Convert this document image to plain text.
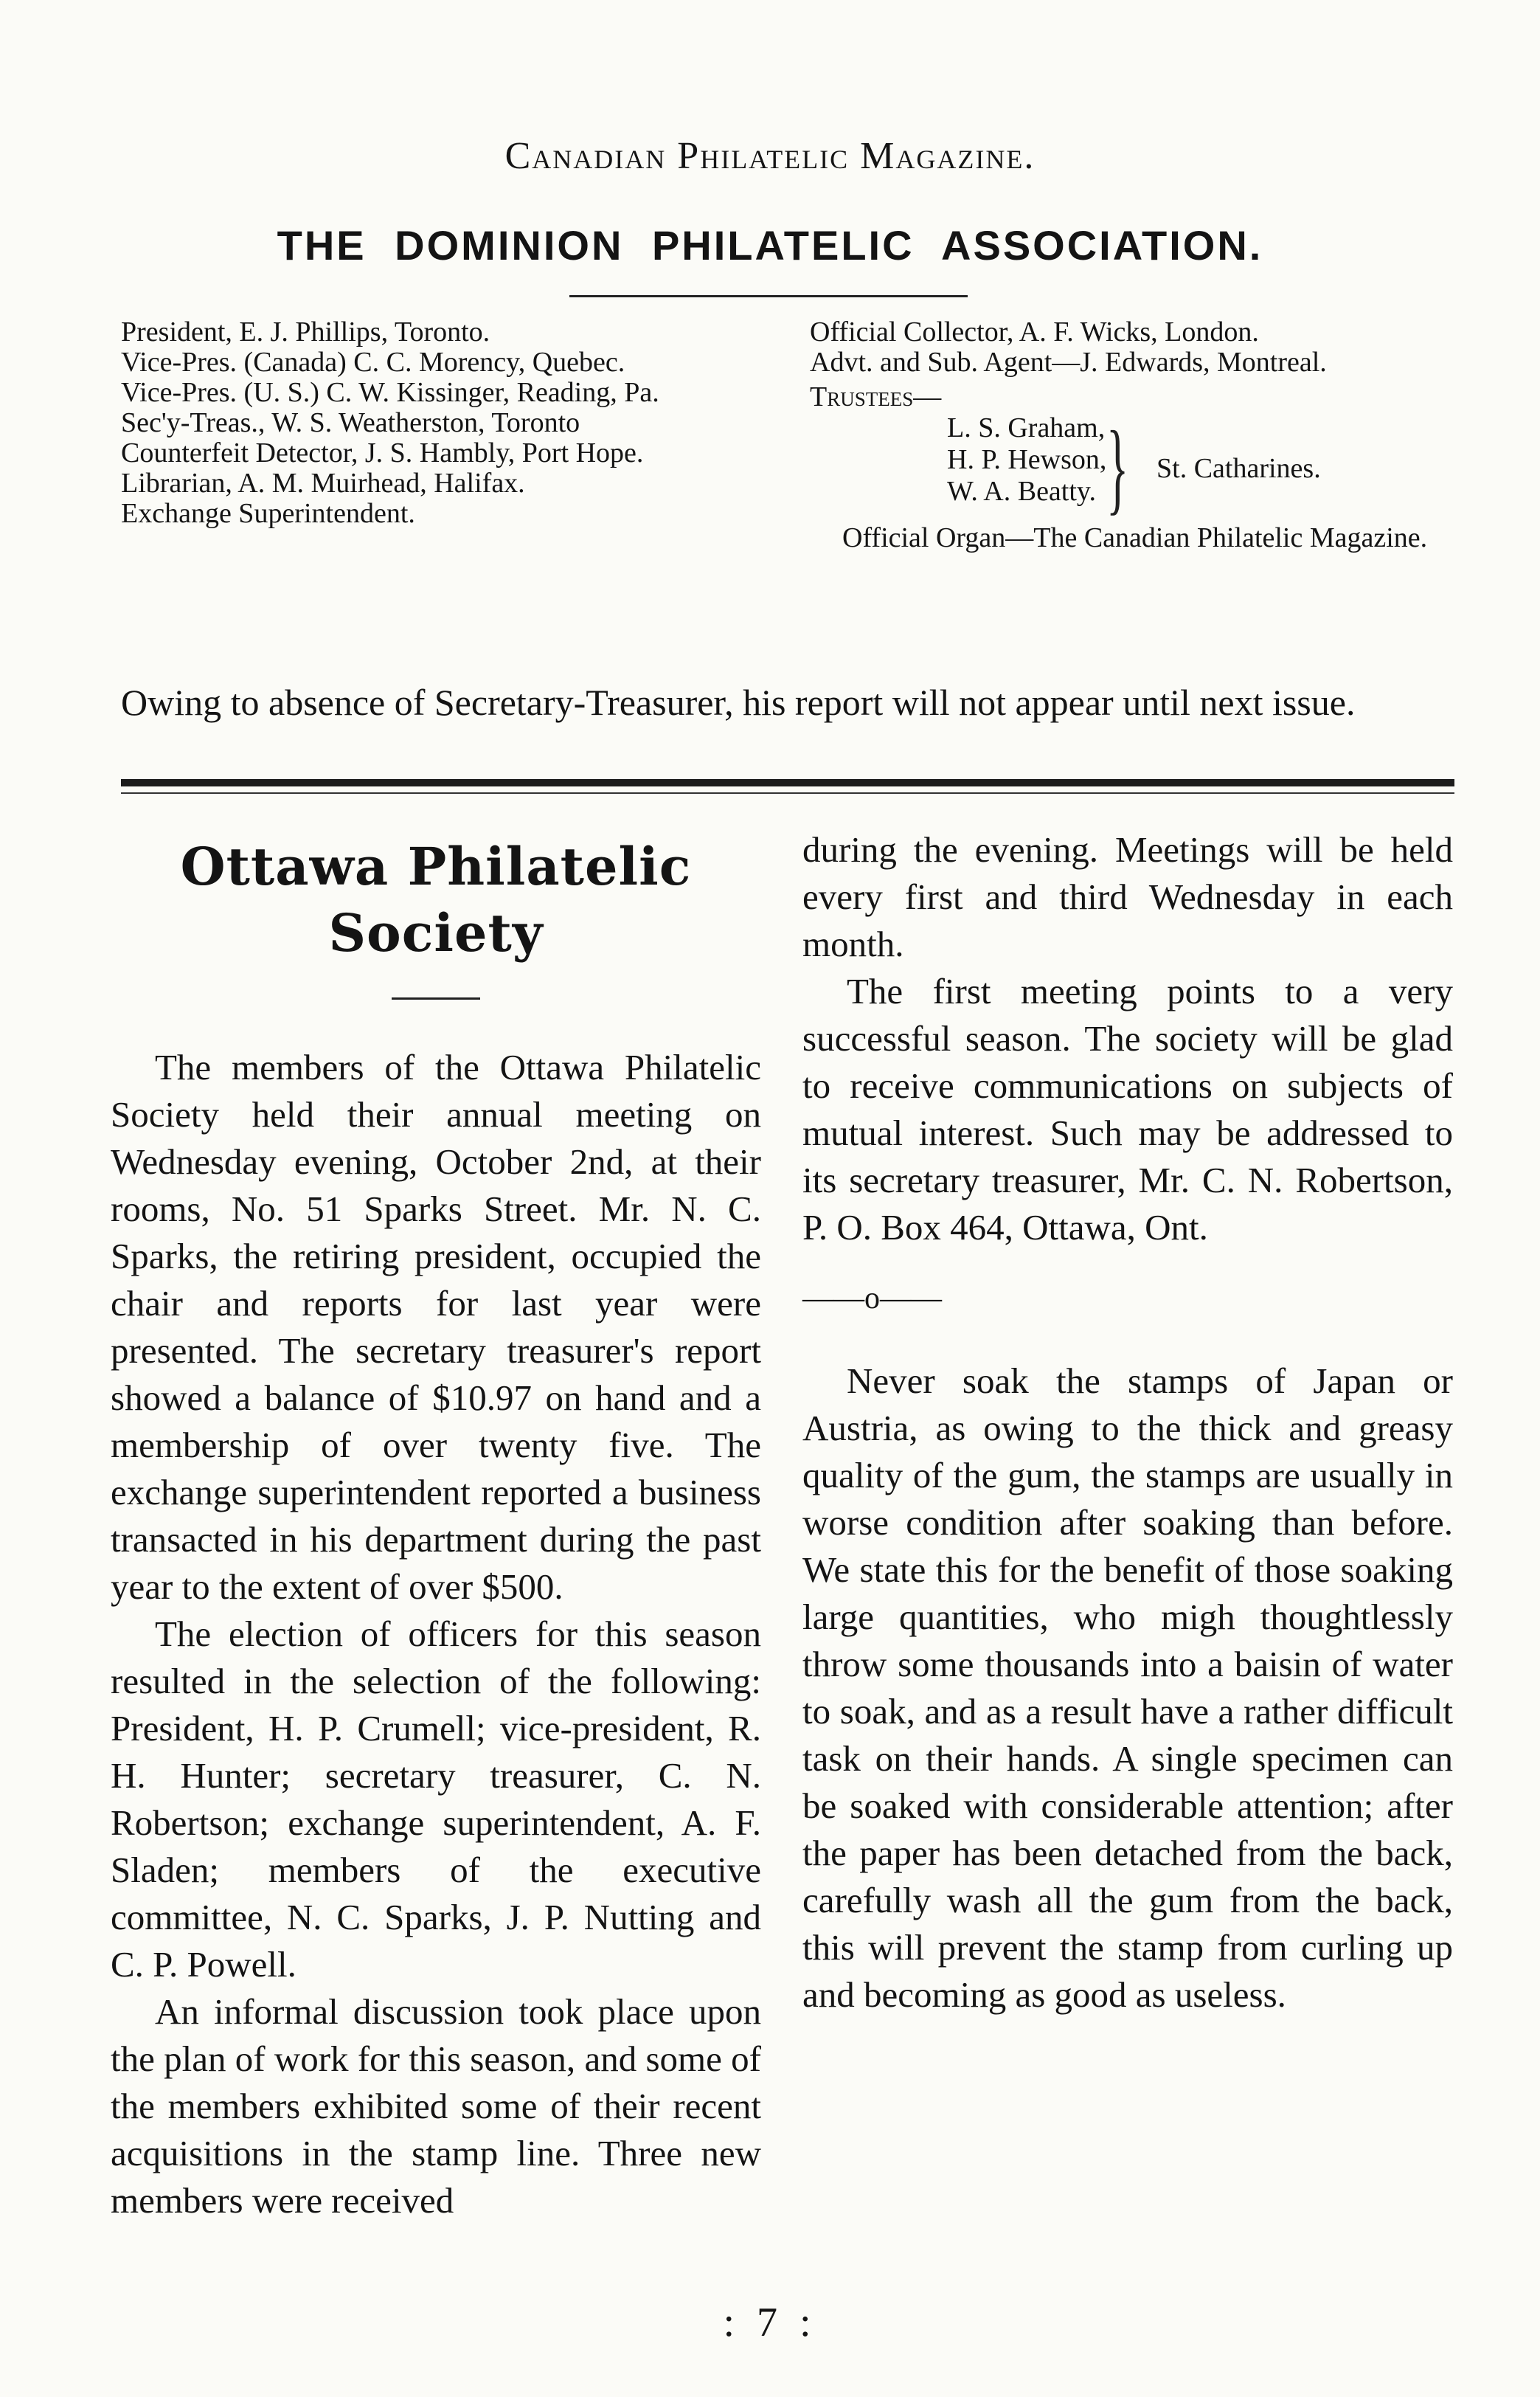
Canadian Philatelic Magazine.
THE DOMINION PHILATELIC ASSOCIATION.

President, E. J. Phillips, Toronto.

Vice-Pres. (Canada) C. C. Morency, Quebec.

Vice-Pres. (U. S.) C. W. Kissinger, Reading, Pa.

Sec'y-Treas., W. S. Weatherston, Toronto

Counterfeit Detector, J. S. Hambly, Port Hope.

Librarian, A. M. Muirhead, Halifax.

Exchange Superintendent.

Official Collector, A. F. Wicks, London.

Advt. and Sub. Agent—J. Edwards, Montreal.

Trustees—

L. S. Graham,
H. P. Hewson,
W. A. Beatty. } St. Catharines.

Official Organ—The Canadian Philatelic Magazine.

Owing to absence of Secretary-Treasurer, his report will not appear until next issue.

Ottawa Philatelic Society

The members of the Ottawa Philatelic Society held their annual meeting on Wednesday evening, October 2nd, at their rooms, No. 51 Sparks Street. Mr. N. C. Sparks, the retiring president, occupied the chair and reports for last year were presented. The secretary treasurer's report showed a balance of $10.97 on hand and a membership of over twenty five. The exchange superintendent reported a business transacted in his department during the past year to the extent of over $500.

The election of officers for this season resulted in the selection of the following: President, H. P. Crumell; vice-president, R. H. Hunter; secretary treasurer, C. N. Robertson; exchange superintendent, A. F. Sladen; members of the executive committee, N. C. Sparks, J. P. Nutting and C. P. Powell.

An informal discussion took place upon the plan of work for this season, and some of the members exhibited some of their recent acquisitions in the stamp line. Three new members were received

during the evening. Meetings will be held every first and third Wednesday in each month.

The first meeting points to a very successful season. The society will be glad to receive communications on subjects of mutual interest. Such may be addressed to its secretary treasurer, Mr. C. N. Robertson, P. O. Box 464, Ottawa, Ont.

——o——

Never soak the stamps of Japan or Austria, as owing to the thick and greasy quality of the gum, the stamps are usually in worse condition after soaking than before. We state this for the benefit of those soaking large quantities, who migh thoughtlessly throw some thousands into a baisin of water to soak, and as a result have a rather difficult task on their hands. A single specimen can be soaked with considerable attention; after the paper has been detached from the back, carefully wash all the gum from the back, this will prevent the stamp from curling up and becoming as good as useless.

: 7 :
